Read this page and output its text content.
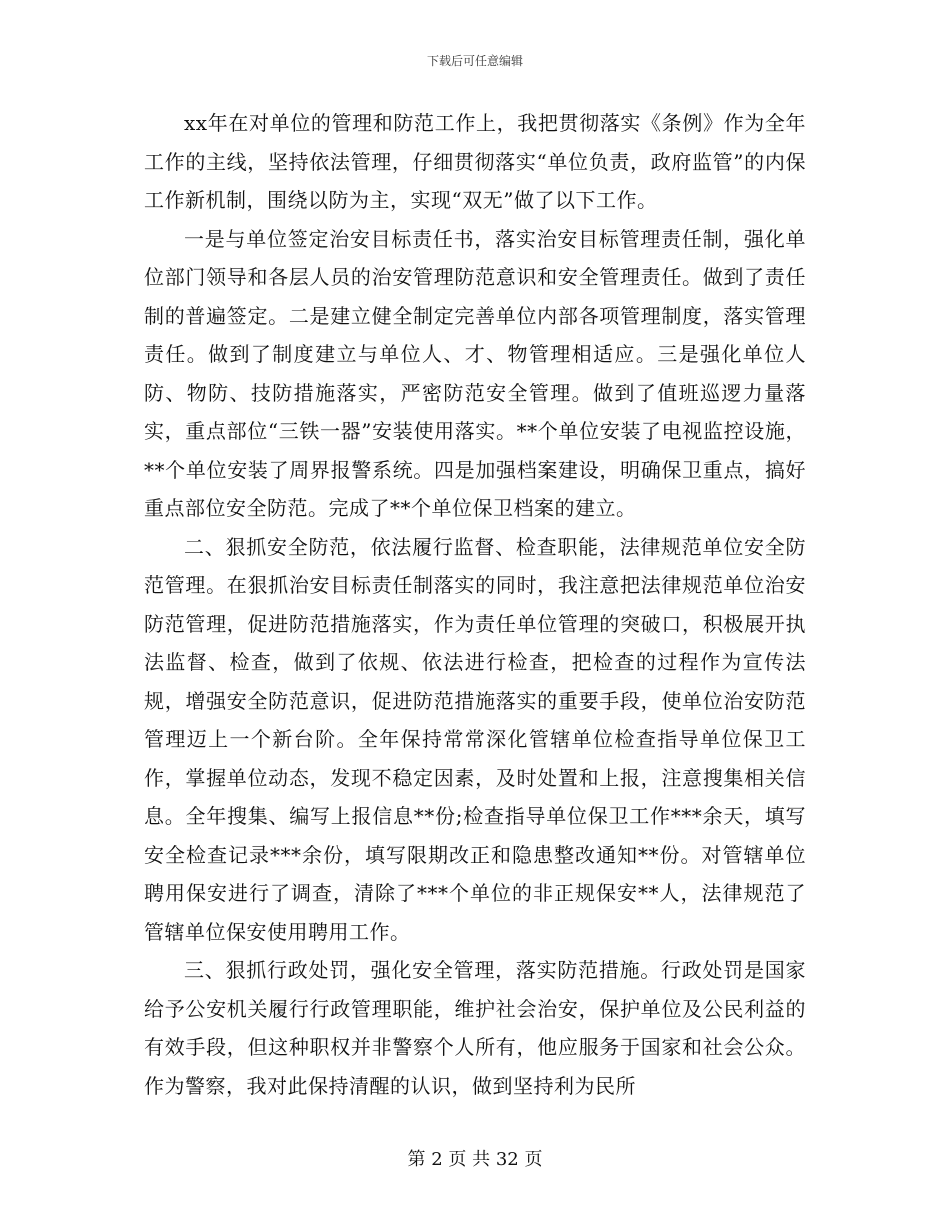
下载后可任意编辑

xx年在对单位的管理和防范工作上，我把贯彻落实《条例》作为全年工作的主线，坚持依法管理，仔细贯彻落实“单位负责，政府监管”的内保工作新机制，围绕以防为主，实现“双无”做了以下工作。

一是与单位签定治安目标责任书，落实治安目标管理责任制，强化单位部门领导和各层人员的治安管理防范意识和安全管理责任。做到了责任制的普遍签定。二是建立健全制定完善单位内部各项管理制度，落实管理责任。做到了制度建立与单位人、才、物管理相适应。三是强化单位人防、物防、技防措施落实，严密防范安全管理。做到了值班巡逻力量落实，重点部位“三铁一器”安装使用落实。**个单位安装了电视监控设施，**个单位安装了周界报警系统。四是加强档案建设，明确保卫重点，搞好重点部位安全防范。完成了**个单位保卫档案的建立。

二、狠抓安全防范，依法履行监督、检查职能，法律规范单位安全防范管理。在狠抓治安目标责任制落实的同时，我注意把法律规范单位治安防范管理，促进防范措施落实，作为责任单位管理的突破口，积极展开执法监督、检查，做到了依规、依法进行检查，把检查的过程作为宣传法规，增强安全防范意识，促进防范措施落实的重要手段，使单位治安防范管理迈上一个新台阶。全年保持常常深化管辖单位检查指导单位保卫工作，掌握单位动态，发现不稳定因素，及时处置和上报，注意搜集相关信息。全年搜集、编写上报信息**份;检查指导单位保卫工作***余天，填写安全检查记录***余份，填写限期改正和隐患整改通知**份。对管辖单位聘用保安进行了调查，清除了***个单位的非正规保安**人，法律规范了管辖单位保安使用聘用工作。

三、狠抓行政处罚，强化安全管理，落实防范措施。行政处罚是国家给予公安机关履行行政管理职能，维护社会治安，保护单位及公民利益的有效手段，但这种职权并非警察个人所有，他应服务于国家和社会公众。作为警察，我对此保持清醒的认识，做到坚持利为民所

第 2 页 共 32 页
